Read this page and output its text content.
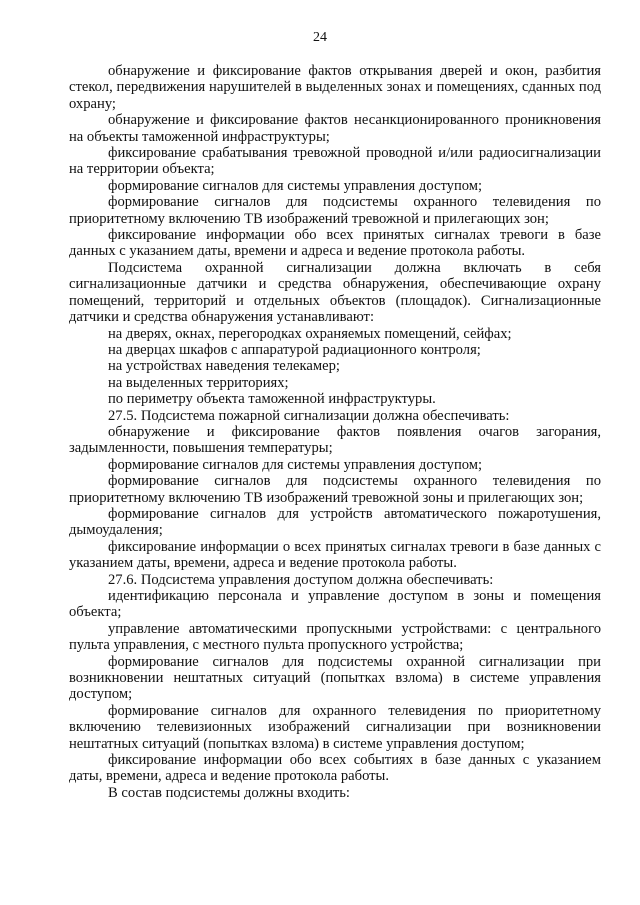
24

обнаружение и фиксирование фактов открывания дверей и окон, разбития стекол, передвижения нарушителей в выделенных зонах и помещениях, сданных под охрану;

обнаружение и фиксирование фактов несанкционированного проникновения на объекты таможенной инфраструктуры;

фиксирование срабатывания тревожной проводной и/или радиосигнализации на территории объекта;

формирование сигналов для системы управления доступом;

формирование сигналов для подсистемы охранного телевидения по приоритетному включению ТВ изображений тревожной и прилегающих зон;

фиксирование информации обо всех принятых сигналах тревоги в базе данных с указанием даты, времени и адреса и ведение протокола работы.

Подсистема охранной сигнализации должна включать в себя сигнализационные датчики и средства обнаружения, обеспечивающие охрану помещений, территорий и отдельных объектов (площадок). Сигнализационные датчики и средства обнаружения устанавливают:

на дверях, окнах, перегородках охраняемых помещений, сейфах;

на дверцах шкафов с аппаратурой радиационного контроля;

на устройствах наведения телекамер;

на выделенных территориях;

по периметру объекта таможенной инфраструктуры.

27.5. Подсистема пожарной сигнализации должна обеспечивать:

обнаружение и фиксирование фактов появления очагов загорания, задымленности, повышения температуры;

формирование сигналов для системы управления доступом;

формирование сигналов для подсистемы охранного телевидения по приоритетному включению ТВ изображений тревожной зоны и прилегающих зон;

формирование сигналов для устройств автоматического пожаротушения, дымоудаления;

фиксирование информации о всех принятых сигналах тревоги в базе данных с указанием даты, времени, адреса и ведение протокола работы.

27.6. Подсистема управления доступом должна обеспечивать:

идентификацию персонала и управление доступом в зоны и помещения объекта;

управление автоматическими пропускными устройствами: с центрального пульта управления, с местного пульта пропускного устройства;

формирование сигналов для подсистемы охранной сигнализации при возникновении нештатных ситуаций (попытках взлома) в системе управления доступом;

формирование сигналов для охранного телевидения по приоритетному включению телевизионных изображений сигнализации при возникновении нештатных ситуаций (попытках взлома) в системе управления доступом;

фиксирование информации обо всех событиях в базе данных с указанием даты, времени, адреса и ведение протокола работы.

В состав подсистемы должны входить:
